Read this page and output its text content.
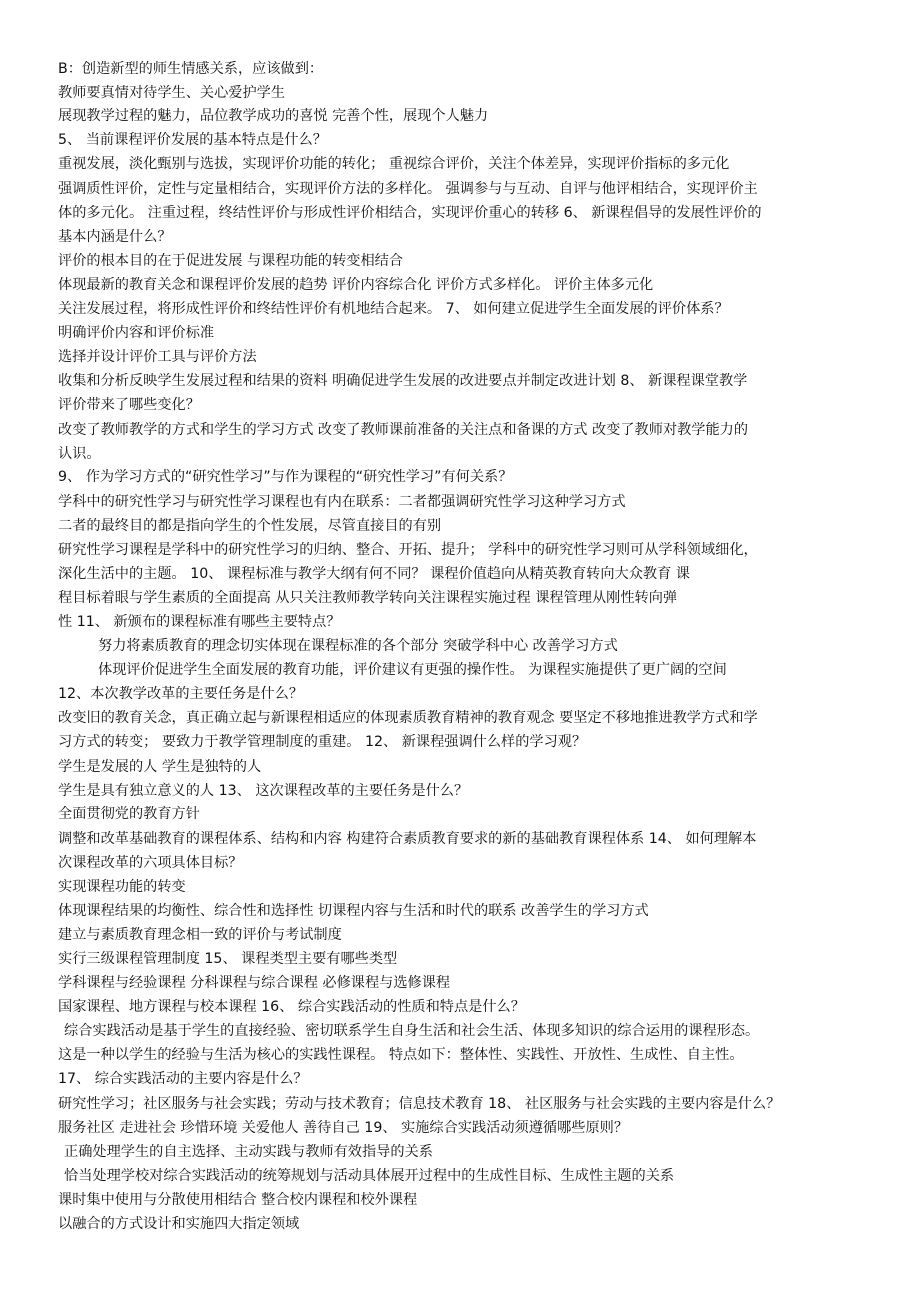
B：创造新型的师生情感关系，应该做到：
教师要真情对待学生、关心爱护学生
展现教学过程的魅力，品位教学成功的喜悦 完善个性，展现个人魅力
5、 当前课程评价发展的基本特点是什么？
重视发展，淡化甄别与选拔，实现评价功能的转化； 重视综合评价，关注个体差异，实现评价指标的多元化
强调质性评价，定性与定量相结合，实现评价方法的多样化。 强调参与与互动、自评与他评相结合，实现评价主
体的多元化。 注重过程，终结性评价与形成性评价相结合，实现评价重心的转移 6、 新课程倡导的发展性评价的
基本内涵是什么？
评价的根本目的在于促进发展 与课程功能的转变相结合
体现最新的教育关念和课程评价发展的趋势 评价内容综合化 评价方式多样化。 评价主体多元化
关注发展过程，将形成性评价和终结性评价有机地结合起来。 7、 如何建立促进学生全面发展的评价体系？
明确评价内容和评价标准
选择并设计评价工具与评价方法
收集和分析反映学生发展过程和结果的资料 明确促进学生发展的改进要点并制定改进计划 8、 新课程课堂教学
评价带来了哪些变化？
改变了教师教学的方式和学生的学习方式 改变了教师课前准备的关注点和备课的方式 改变了教师对教学能力的
认识。
9、 作为学习方式的“研究性学习”与作为课程的“研究性学习”有何关系？
学科中的研究性学习与研究性学习课程也有内在联系：二者都强调研究性学习这种学习方式
二者的最终目的都是指向学生的个性发展，尽管直接目的有别
研究性学习课程是学科中的研究性学习的归纳、整合、开拓、提升； 学科中的研究性学习则可从学科领域细化，
深化生活中的主题。 10、 课程标准与教学大纲有何不同？ 课程价值趋向从精英教育转向大众教育 课
程目标着眼与学生素质的全面提高 从只关注教师教学转向关注课程实施过程 课程管理从刚性转向弹
性 11、 新颁布的课程标准有哪些主要特点？
努力将素质教育的理念切实体现在课程标准的各个部分 突破学科中心 改善学习方式
体现评价促进学生全面发展的教育功能，评价建议有更强的操作性。 为课程实施提供了更广阔的空间
12、本次教学改革的主要任务是什么？
改变旧的教育关念，真正确立起与新课程相适应的体现素质教育精神的教育观念 要坚定不移地推进教学方式和学
习方式的转变； 要致力于教学管理制度的重建。 12、 新课程强调什么样的学习观？
学生是发展的人 学生是独特的人
学生是具有独立意义的人 13、 这次课程改革的主要任务是什么？
全面贯彻党的教育方针
调整和改革基础教育的课程体系、结构和内容 构建符合素质教育要求的新的基础教育课程体系 14、 如何理解本
次课程改革的六项具体目标？
实现课程功能的转变
体现课程结果的均衡性、综合性和选择性 切课程内容与生活和时代的联系 改善学生的学习方式
建立与素质教育理念相一致的评价与考试制度
实行三级课程管理制度 15、 课程类型主要有哪些类型
学科课程与经验课程 分科课程与综合课程 必修课程与选修课程
国家课程、地方课程与校本课程 16、 综合实践活动的性质和特点是什么？
综合实践活动是基于学生的直接经验、密切联系学生自身生活和社会生活、体现多知识的综合运用的课程形态。
这是一种以学生的经验与生活为核心的实践性课程。 特点如下：整体性、实践性、开放性、生成性、自主性。
17、 综合实践活动的主要内容是什么？
研究性学习；社区服务与社会实践；劳动与技术教育；信息技术教育 18、 社区服务与社会实践的主要内容是什么？
服务社区 走进社会 珍惜环境 关爱他人 善待自己 19、 实施综合实践活动须遵循哪些原则？
正确处理学生的自主选择、主动实践与教师有效指导的关系
恰当处理学校对综合实践活动的统筹规划与活动具体展开过程中的生成性目标、生成性主题的关系
课时集中使用与分散使用相结合 整合校内课程和校外课程
以融合的方式设计和实施四大指定领域
